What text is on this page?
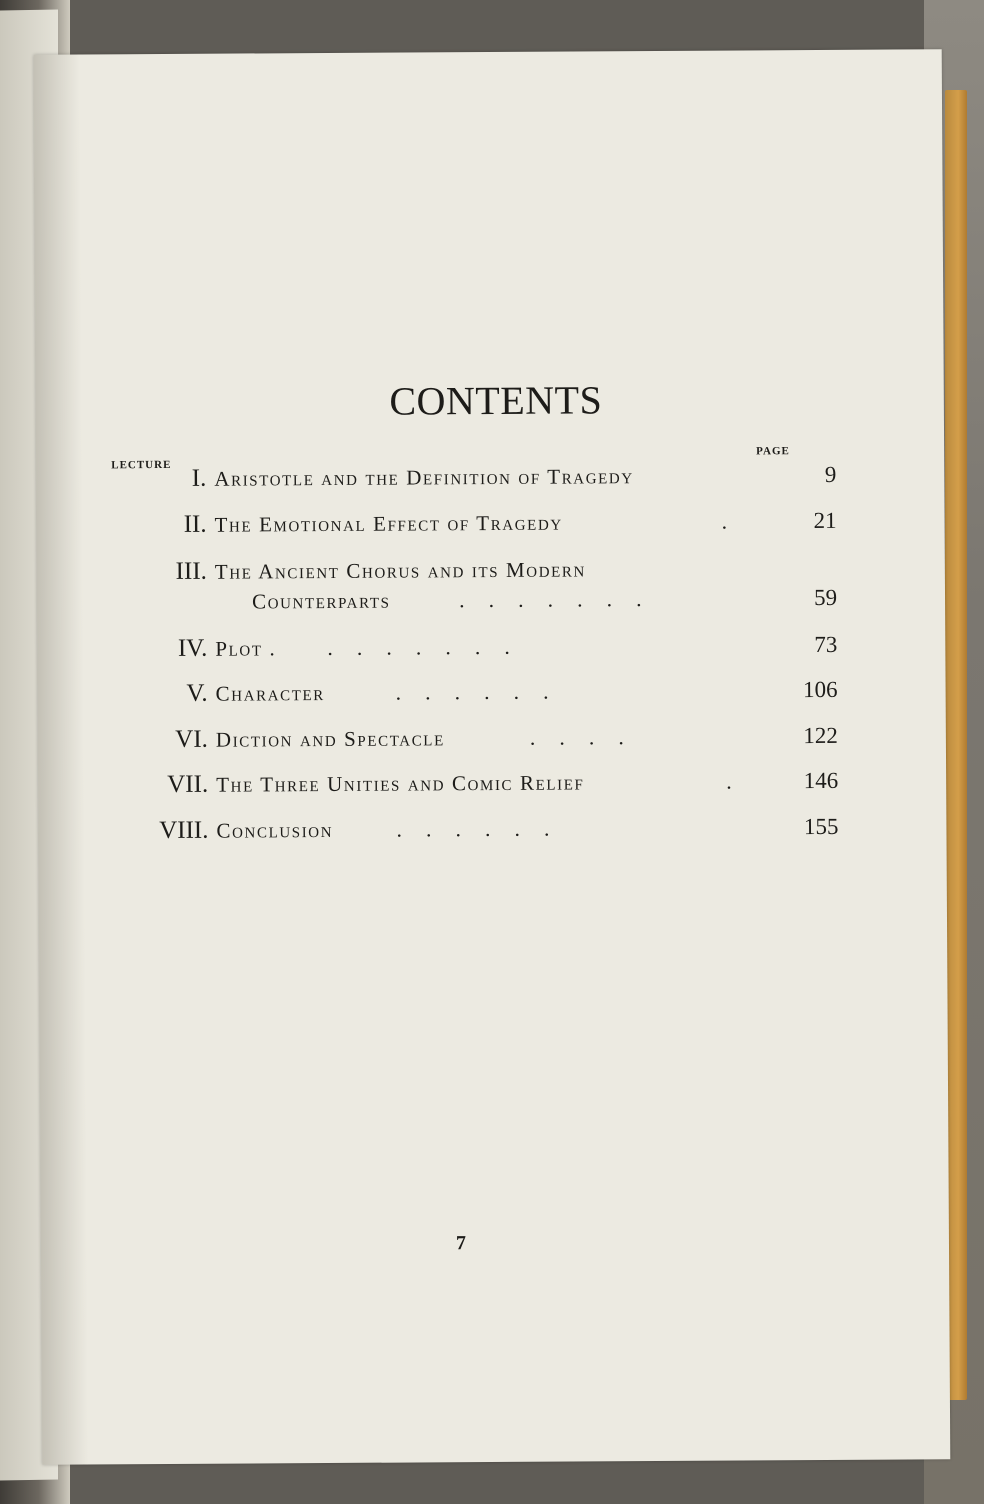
CONTENTS
LECTURE
PAGE
I. Aristotle and the Definition of Tragedy	9
II. The Emotional Effect of Tragedy	.	21
III. The Ancient Chorus and its Modern
Counterparts	.......	59
IV. Plot . .......	73
V. Character	......	106
VI. Diction and Spectacle	....	122
VII. The Three Unities and Comic Relief	.	146
VIII. Conclusion	......	155
7
